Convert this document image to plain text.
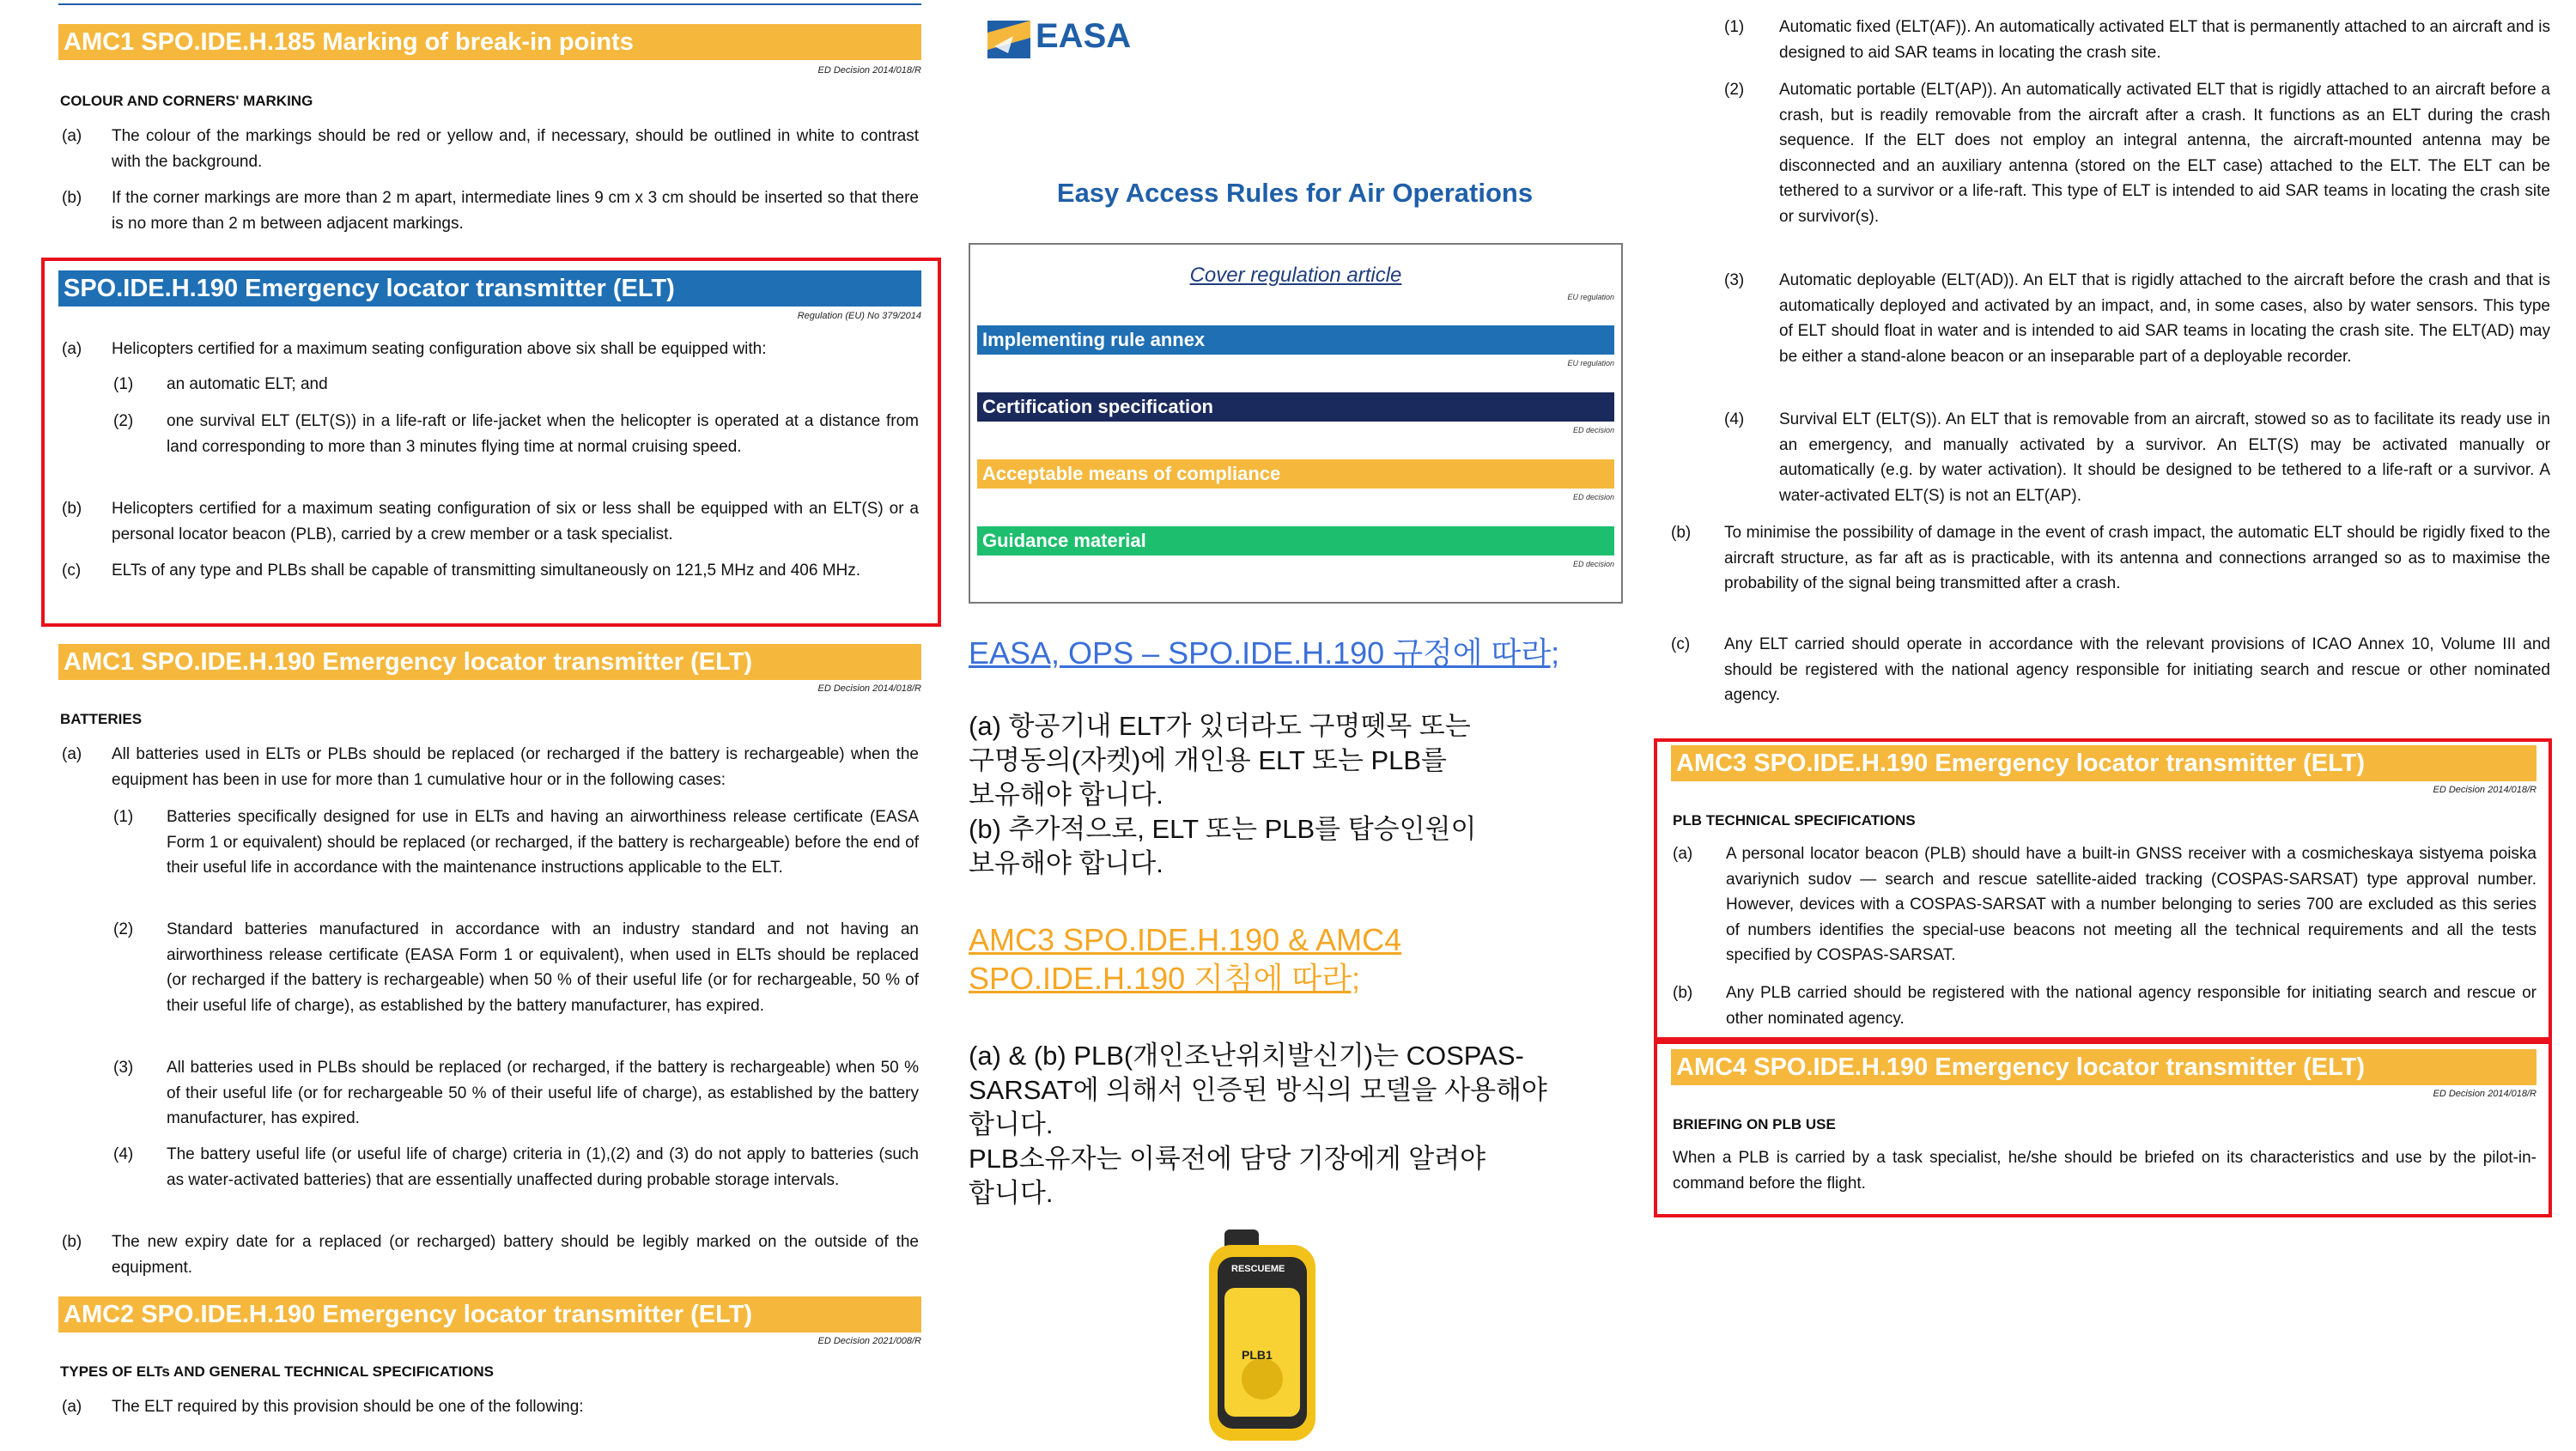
AMC1 SPO.IDE.H.185 Marking of break-in points
ED Decision 2014/018/R
COLOUR AND CORNERS' MARKING
(a)	The colour of the markings should be red or yellow and, if necessary, should be outlined in white to contrast with the background.
(b)	If the corner markings are more than 2 m apart, intermediate lines 9 cm x 3 cm should be inserted so that there is no more than 2 m between adjacent markings.
SPO.IDE.H.190 Emergency locator transmitter (ELT)
Regulation (EU) No 379/2014
(a)	Helicopters certified for a maximum seating configuration above six shall be equipped with:
(1)	an automatic ELT; and
(2)	one survival ELT (ELT(S)) in a life-raft or life-jacket when the helicopter is operated at a distance from land corresponding to more than 3 minutes flying time at normal cruising speed.
(b)	Helicopters certified for a maximum seating configuration of six or less shall be equipped with an ELT(S) or a personal locator beacon (PLB), carried by a crew member or a task specialist.
(c)	ELTs of any type and PLBs shall be capable of transmitting simultaneously on 121,5 MHz and 406 MHz.
AMC1 SPO.IDE.H.190 Emergency locator transmitter (ELT)
ED Decision 2014/018/R
BATTERIES
(a)	All batteries used in ELTs or PLBs should be replaced (or recharged if the battery is rechargeable) when the equipment has been in use for more than 1 cumulative hour or in the following cases:
(1)	Batteries specifically designed for use in ELTs and having an airworthiness release certificate (EASA Form 1 or equivalent) should be replaced (or recharged, if the battery is rechargeable) before the end of their useful life in accordance with the maintenance instructions applicable to the ELT.
(2)	Standard batteries manufactured in accordance with an industry standard and not having an airworthiness release certificate (EASA Form 1 or equivalent), when used in ELTs should be replaced (or recharged if the battery is rechargeable) when 50 % of their useful life (or for rechargeable, 50 % of their useful life of charge), as established by the battery manufacturer, has expired.
(3)	All batteries used in PLBs should be replaced (or recharged, if the battery is rechargeable) when 50 % of their useful life (or for rechargeable 50 % of their useful life of charge), as established by the battery manufacturer, has expired.
(4)	The battery useful life (or useful life of charge) criteria in (1),(2) and (3) do not apply to batteries (such as water-activated batteries) that are essentially unaffected during probable storage intervals.
(b)	The new expiry date for a replaced (or recharged) battery should be legibly marked on the outside of the equipment.
AMC2 SPO.IDE.H.190 Emergency locator transmitter (ELT)
ED Decision 2021/008/R
TYPES OF ELTs AND GENERAL TECHNICAL SPECIFICATIONS
(a)	The ELT required by this provision should be one of the following:
EASA
Easy Access Rules for Air Operations
Cover regulation article
EU regulation
Implementing rule annex
EU regulation
Certification specification
ED decision
Acceptable means of compliance
ED decision
Guidance material
ED decision
EASA, OPS – SPO.IDE.H.190 규정에 따라;
(a) 항공기내 ELT가 있더라도 구명뗏목 또는
구명동의(자켓)에 개인용 ELT 또는 PLB를
보유해야 합니다.
(b) 추가적으로, ELT 또는 PLB를 탑승인원이
보유해야 합니다.
AMC3 SPO.IDE.H.190 & AMC4
SPO.IDE.H.190 지침에 따라;
(a) & (b) PLB(개인조난위치발신기)는 COSPAS-
SARSAT에 의해서 인증된 방식의 모델을 사용해야
합니다.
PLB소유자는 이륙전에 담당 기장에게 알려야
합니다.
RESCUEME
PLB1
(1)	Automatic fixed (ELT(AF)). An automatically activated ELT that is permanently attached to an aircraft and is designed to aid SAR teams in locating the crash site.
(2)	Automatic portable (ELT(AP)). An automatically activated ELT that is rigidly attached to an aircraft before a crash, but is readily removable from the aircraft after a crash. It functions as an ELT during the crash sequence. If the ELT does not employ an integral antenna, the aircraft-mounted antenna may be disconnected and an auxiliary antenna (stored on the ELT case) attached to the ELT. The ELT can be tethered to a survivor or a life-raft. This type of ELT is intended to aid SAR teams in locating the crash site or survivor(s).
(3)	Automatic deployable (ELT(AD)). An ELT that is rigidly attached to the aircraft before the crash and that is automatically deployed and activated by an impact, and, in some cases, also by water sensors. This type of ELT should float in water and is intended to aid SAR teams in locating the crash site. The ELT(AD) may be either a stand-alone beacon or an inseparable part of a deployable recorder.
(4)	Survival ELT (ELT(S)). An ELT that is removable from an aircraft, stowed so as to facilitate its ready use in an emergency, and manually activated by a survivor. An ELT(S) may be activated manually or automatically (e.g. by water activation). It should be designed to be tethered to a life-raft or a survivor. A water-activated ELT(S) is not an ELT(AP).
(b)	To minimise the possibility of damage in the event of crash impact, the automatic ELT should be rigidly fixed to the aircraft structure, as far aft as is practicable, with its antenna and connections arranged so as to maximise the probability of the signal being transmitted after a crash.
(c)	Any ELT carried should operate in accordance with the relevant provisions of ICAO Annex 10, Volume III and should be registered with the national agency responsible for initiating search and rescue or other nominated agency.
AMC3 SPO.IDE.H.190 Emergency locator transmitter (ELT)
ED Decision 2014/018/R
PLB TECHNICAL SPECIFICATIONS
(a)	A personal locator beacon (PLB) should have a built-in GNSS receiver with a cosmicheskaya sistyema poiska avariynich sudov — search and rescue satellite-aided tracking (COSPAS-SARSAT) type approval number. However, devices with a COSPAS-SARSAT with a number belonging to series 700 are excluded as this series of numbers identifies the special-use beacons not meeting all the technical requirements and all the tests specified by COSPAS-SARSAT.
(b)	Any PLB carried should be registered with the national agency responsible for initiating search and rescue or other nominated agency.
AMC4 SPO.IDE.H.190 Emergency locator transmitter (ELT)
ED Decision 2014/018/R
BRIEFING ON PLB USE
When a PLB is carried by a task specialist, he/she should be briefed on its characteristics and use by the pilot-in-command before the flight.
